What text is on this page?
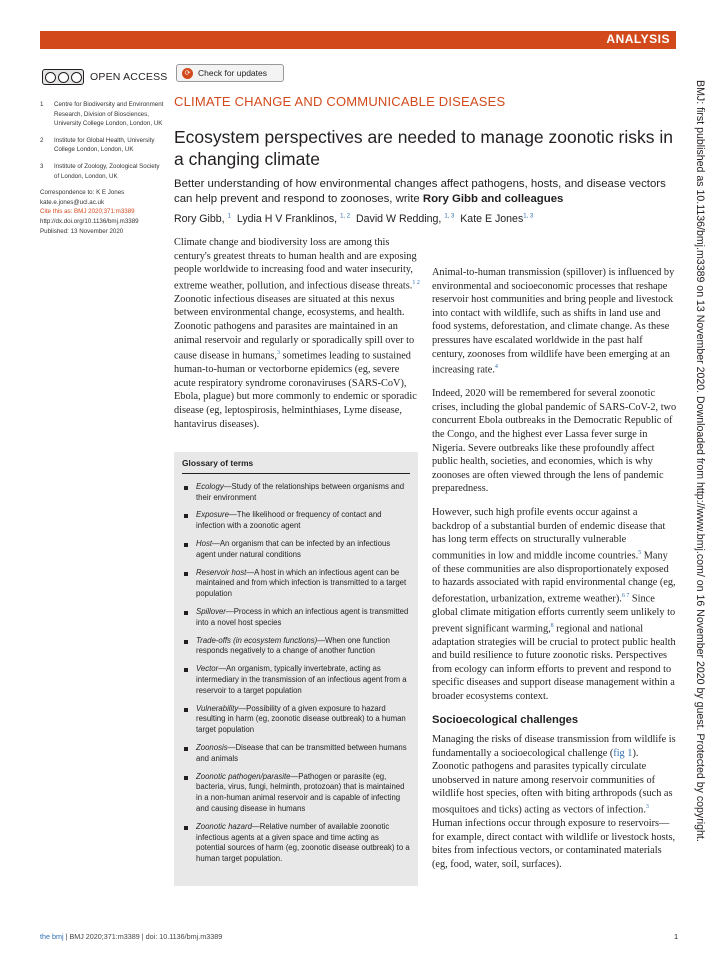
ANALYSIS
OPEN ACCESS	⟳ Check for updates
1 Centre for Biodiversity and Environment Research, Division of Biosciences, University College London, London, UK
2 Institute for Global Health, University College London, London, UK
3 Institute of Zoology, Zoological Society of London, London, UK

Correspondence to: K E Jones

kate.e.jones@ucl.ac.uk

Cite this as: BMJ 2020;371:m3389

http://dx.doi.org/10.1136/bmj.m3389

Published: 13 November 2020

CLIMATE CHANGE AND COMMUNICABLE DISEASES
Ecosystem perspectives are needed to manage zoonotic risks in a changing climate
Better understanding of how environmental changes affect pathogens, hosts, and disease vectors can help prevent and respond to zoonoses, write Rory Gibb and colleagues
Rory Gibb, $^1$ Lydia H V Franklinos, $^{1, 2}$ David W Redding, $^{1, 3}$ Kate E Jones$^{1, 3}$

Climate change and biodiversity loss are among this century's greatest threats to human health and are exposing people worldwide to increasing food and water insecurity, extreme weather, pollution, and infectious disease threats.$^{1 2}$ Zoonotic infectious diseases are situated at this nexus between environmental change, ecosystems, and health. Zoonotic pathogens and parasites are maintained in an animal reservoir and regularly or sporadically spill over to cause disease in humans,$^3$ sometimes leading to sustained human-to-human or vectorborne epidemics (eg, severe acute respiratory syndrome coronaviruses (SARS-CoV), Ebola, plague) but more commonly to endemic or sporadic disease (eg, leptospirosis, helminthiases, Lyme disease, hantavirus diseases).

Glossary of terms
Ecology—Study of the relationships between organisms and their environment
Exposure—The likelihood or frequency of contact and infection with a zoonotic agent
Host—An organism that can be infected by an infectious agent under natural conditions
Reservoir host—A host in which an infectious agent can be maintained and from which infection is transmitted to a target population
Spillover—Process in which an infectious agent is transmitted into a novel host species
Trade-offs (in ecosystem functions)—When one function responds negatively to a change of another function
Vector—An organism, typically invertebrate, acting as intermediary in the transmission of an infectious agent from a reservoir to a target population
Vulnerability—Possibility of a given exposure to hazard resulting in harm (eg, zoonotic disease outbreak) to a human target population
Zoonosis—Disease that can be transmitted between humans and animals
Zoonotic pathogen/parasite—Pathogen or parasite (eg, bacteria, virus, fungi, helminth, protozoan) that is maintained in a non-human animal reservoir and is capable of infecting and causing disease in humans
Zoonotic hazard—Relative number of available zoonotic infectious agents at a given space and time acting as potential sources of harm (eg, zoonotic disease outbreak) to a human target population.

Animal-to-human transmission (spillover) is influenced by environmental and socioeconomic processes that reshape reservoir host communities and bring people and livestock into contact with wildlife, such as shifts in land use and food systems, deforestation, and climate change. As these pressures have escalated worldwide in the past half century, zoonoses from wildlife have been emerging at an increasing rate.$^4$

Indeed, 2020 will be remembered for several zoonotic crises, including the global pandemic of SARS-CoV-2, two concurrent Ebola outbreaks in the Democratic Republic of the Congo, and the highest ever Lassa fever surge in Nigeria. Severe outbreaks like these profoundly affect public health, societies, and economies, which is why zoonoses are often viewed through the lens of pandemic preparedness.

However, such high profile events occur against a backdrop of a substantial burden of endemic disease that has long term effects on structurally vulnerable communities in low and middle income countries.$^5$ Many of these communities are also disproportionately exposed to hazards associated with rapid environmental change (eg, deforestation, urbanization, extreme weather).$^{6 7}$ Since global climate mitigation efforts currently seem unlikely to prevent significant warming,$^8$ regional and national adaptation strategies will be crucial to protect public health and build resilience to future zoonotic risks. Perspectives from ecology can inform efforts to prevent and respond to specific diseases and support disease management within a broader ecosystems context.

Socioecological challenges

Managing the risks of disease transmission from wildlife is fundamentally a socioecological challenge (fig 1). Zoonotic pathogens and parasites typically circulate unobserved in nature among reservoir communities of wildlife host species, often with biting arthropods (such as mosquitoes and ticks) acting as vectors of infection.$^3$ Human infections occur through exposure to reservoirs—for example, direct contact with wildlife or livestock hosts, bites from infectious vectors, or contaminated materials (eg, food, water, soil, surfaces).

BMJ: first published as 10.1136/bmj.m3389 on 13 November 2020. Downloaded from http://www.bmj.com/ on 16 November 2020 by guest. Protected by copyright.
the bmj | BMJ 2020;371:m3389 | doi: 10.1136/bmj.m3389	1
